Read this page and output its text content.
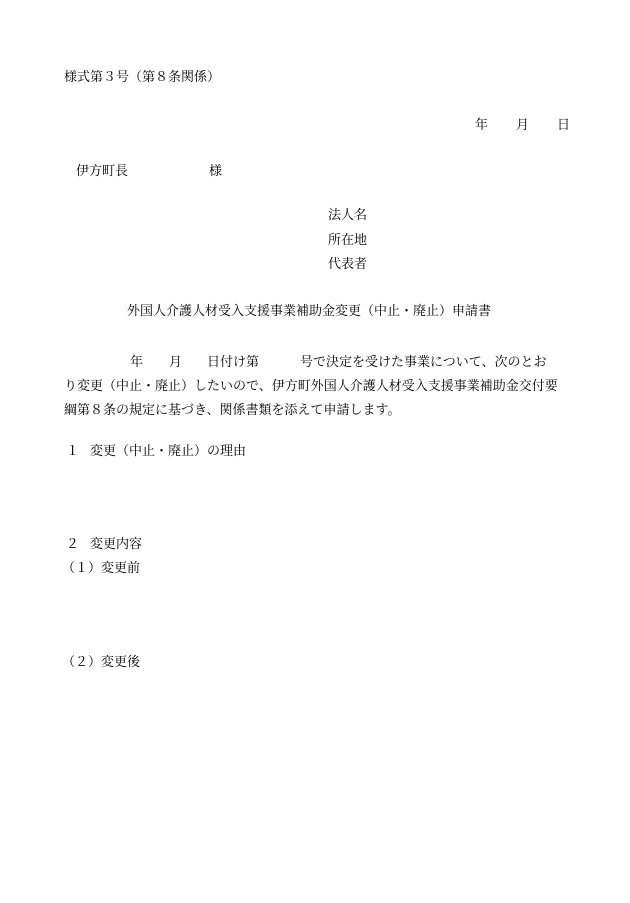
様式第３号（第８条関係）
年 月 日
伊方町長	様
法人名
所在地
代表者
外国人介護人材受入支援事業補助金変更（中止・廃止）申請書
年 月 日付け第	号で決定を受けた事業について、次のとお
り変更（中止・廃止）したいので、伊方町外国人介護人材受入支援事業補助金交付要
綱第８条の規定に基づき、関係書類を添えて申請します。
１ 変更（中止・廃止）の理由
２ 変更内容
（１）変更前
（２）変更後
